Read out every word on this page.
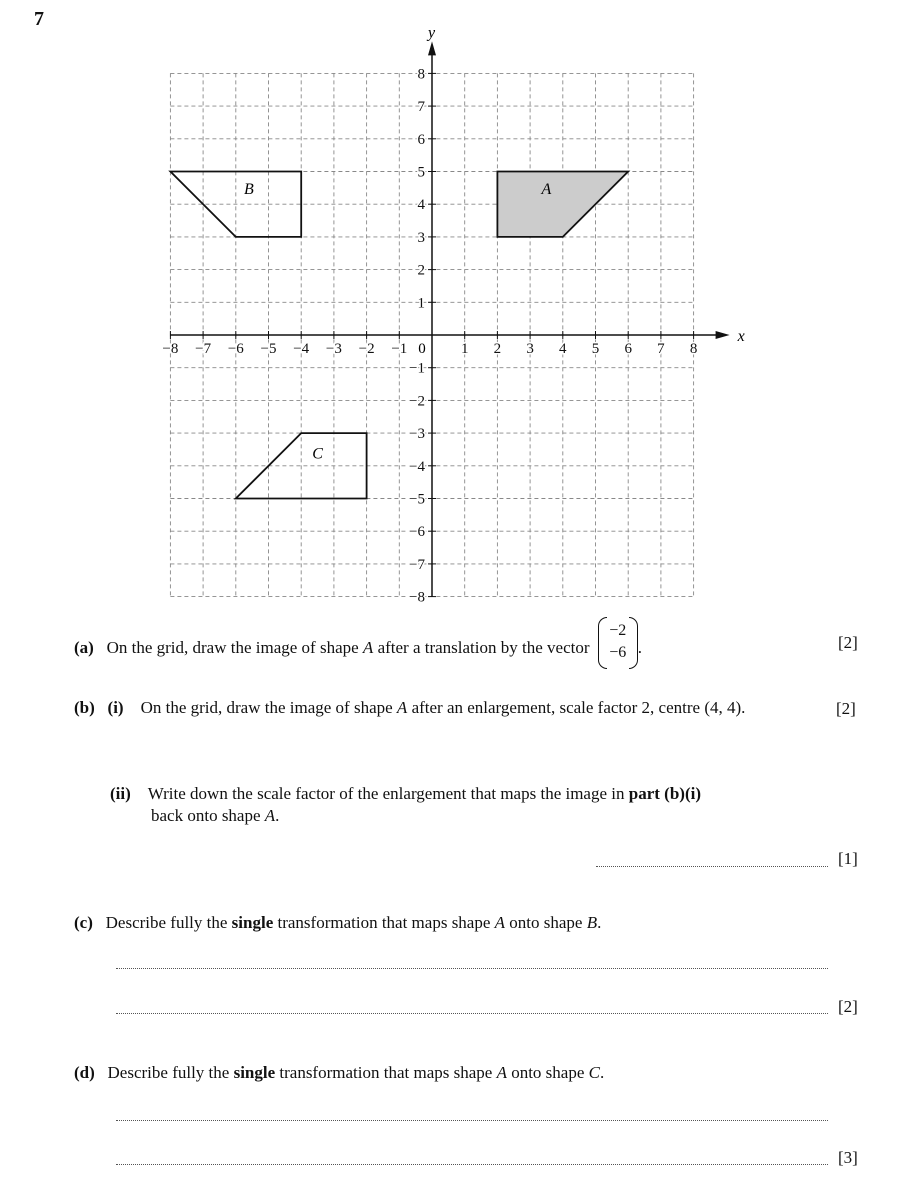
7
x
y
0
−8 −7 −6 −5 −4 −3 −2 −1	1 2 3 4 5 6 7 8
8
7
6
5
4
3
2
1
−1
−2
−3
−4
−5
−6
−7
−8
A
B
C
(a) On the grid, draw the image of shape A after a translation by the vector
−2
−6 .	[2]
(b) (i) On the grid, draw the image of shape A after an enlargement, scale factor 2, centre (4, 4).	[2]
(ii) Write down the scale factor of the enlargement that maps the image in part (b)(i)
back onto shape A.
[1]
(c) Describe fully the single transformation that maps shape A onto shape B.
[2]
(d) Describe fully the single transformation that maps shape A onto shape C.
[3]
